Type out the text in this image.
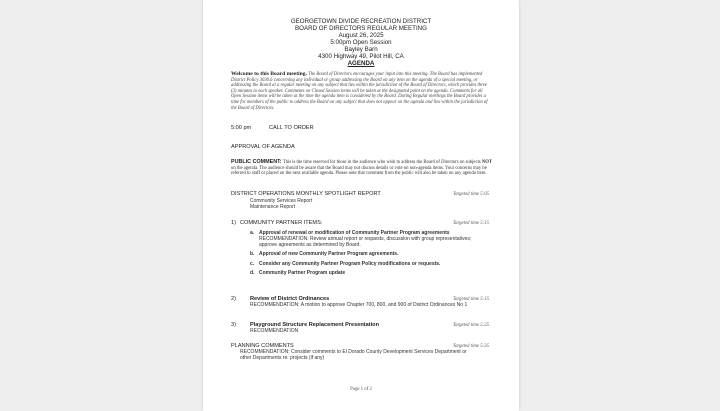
GEORGETOWN DIVIDE RECREATION DISTRICT
BOARD OF DIRECTORS REGULAR MEETING
August 26, 2025
5:00pm Open Session
Bayley Barn
4300 Highway 49, Pilot Hill, CA
AGENDA
Welcome to this Board meeting. The Board of Directors encourages your input into this meeting. The Board has implemented District Policy 3030.6 concerning any individual or group addressing the Board on any item on the agenda of a special meeting, or addressing the Board at a regular meeting on any subject that lies within the jurisdiction of the Board of Directors, which provides three (3) minutes to each speaker. Comments on Closed Session items will be taken at the designated point on the agenda. Comments for all Open Session items will be taken at the time the agenda item is considered by the Board. During Regular meetings the Board provides a time for members of the public to address the Board on any subject that does not appear on the agenda and lies within the jurisdiction of the Board of Directors.
5:00 pm	CALL TO ORDER
APPROVAL OF AGENDA
PUBLIC COMMENT: This is the time reserved for those in the audience who wish to address the Board of Directors on subjects NOT on the agenda. The audience should be aware that the Board may not discuss details or vote on non-agenda items. Your concerns may be referred to staff or placed on the next available agenda. Please note that comment from the public will also be taken on any agenda item.
DISTRICT OPERATIONS MONTHLY SPOTLIGHT REPORT	Targeted time 5:05
Community Services Report
Maintenance Report
1) COMMUNITY PARTNER ITEMS:	Targeted time 5:15
a. Approval of renewal or modification of Community Partner Program agreements
RECOMMENDATION: Review annual report or requests, discussion with group representatives;
approve agreements as determined by Board.
b. Approval of new Community Partner Program agreements.
c. Consider any Community Partner Program Policy modifications or requests.
d. Community Partner Program update
2)	Review of District Ordinances	Targeted time 5:15
RECOMMENDATION: A motion to approve Chapter 700, 800, and 900 of District Ordinances No 1
3)	Playground Structure Replacement Presentation	Targeted time 5:25
RECOMMENDATION
PLANNING COMMENTS	Targeted time 5:35
RECOMMENDATION: Consider comments to El Dorado County Development Services Department or
other Departments re: projects (if any)
Page 1 of 2
